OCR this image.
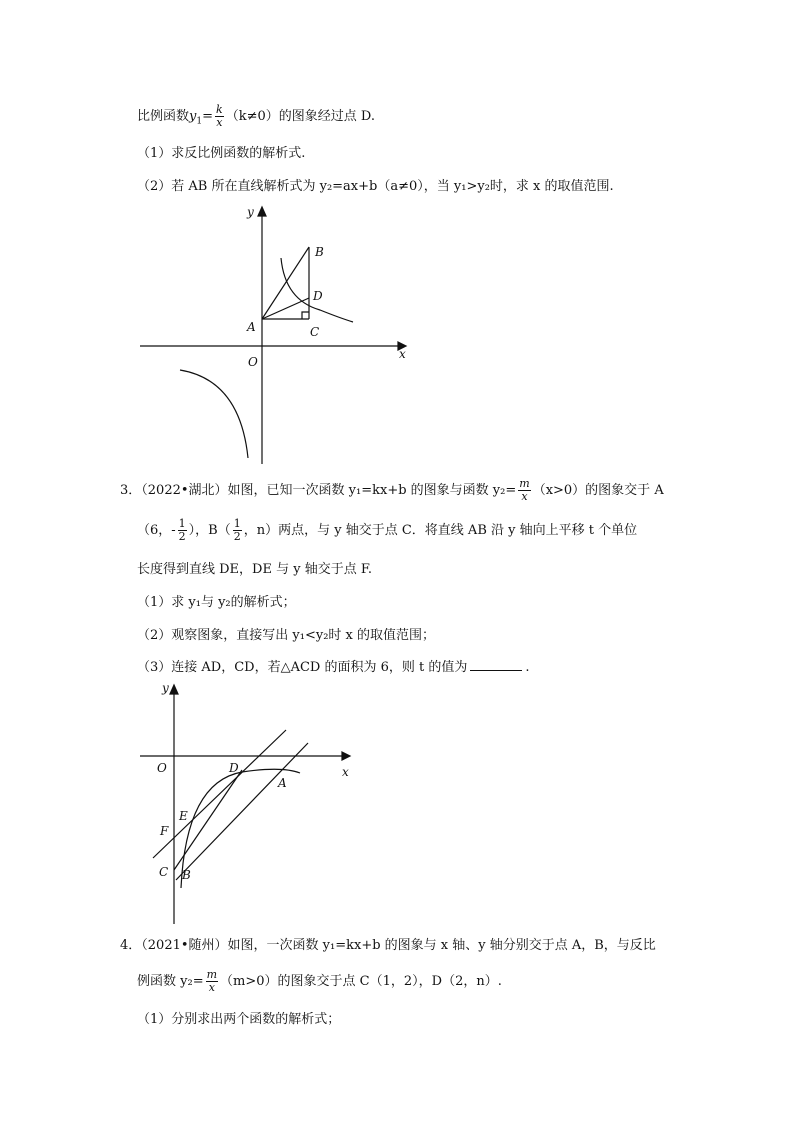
比例函数$y_1= \frac{k}{x} (k\ne 0)$的图象经过点 D.
（1）求反比例函数的解析式.
（2）若 AB 所在直线解析式为 y₂=ax+b（a≠0），当 y₁>y₂时，求 x 的取值范围.
y
x
O
A
B
C
D
y
x
O	D
A
E
F
C B
3．（2022•湖北）如图，已知一次函数 y₁=kx+b 的图象与函数 $y_2= \frac{m}{x} (x>0)$的图象交于 A
（6，- $\frac{1}{2}$ ），$B( \frac{1}{2}$ ，n）两点，与 y 轴交于点 C．将直线 AB 沿 y 轴向上平移 t 个单位
长度得到直线 DE，DE 与 y 轴交于点 F.
（1）求 y₁与 y₂的解析式；
（2）观察图象，直接写出 y₁<y₂时 x 的取值范围；
（3）连接 AD，CD，若△ACD 的面积为 6，则 t 的值为	.
4．（2021•随州）如图，一次函数 y₁=kx+b 的图象与 x 轴、y 轴分别交于点 A，B，与反比
例函数 $y_2= \frac{m}{x} (m>0)$的图象交于点 C（1，2），D（2，n）.
（1）分别求出两个函数的解析式；
